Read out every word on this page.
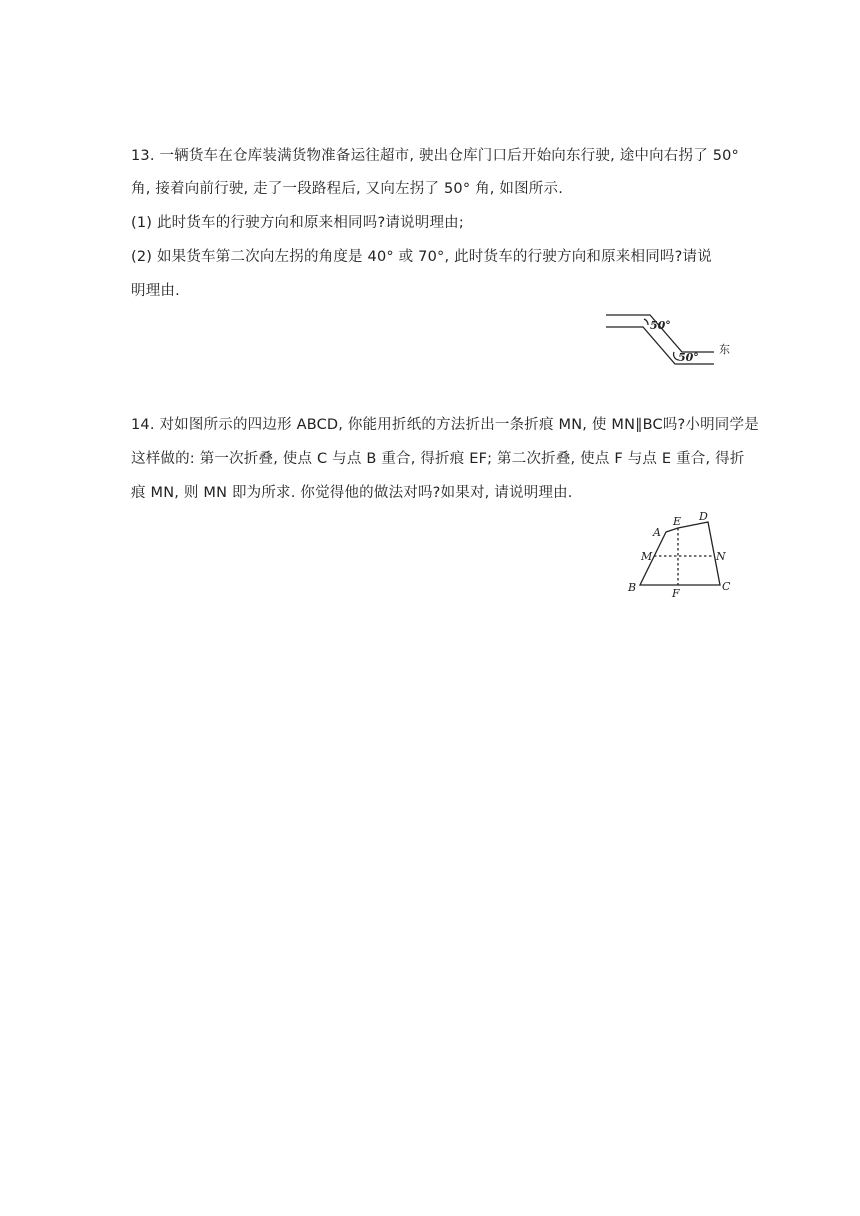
13. 一辆货车在仓库装满货物准备运往超市, 驶出仓库门口后开始向东行驶, 途中向右拐了 50°
角, 接着向前行驶, 走了一段路程后, 又向左拐了 50° 角, 如图所示.
(1) 此时货车的行驶方向和原来相同吗?请说明理由;
(2) 如果货车第二次向左拐的角度是 40° 或 70°, 此时货车的行驶方向和原来相同吗?请说
明理由.
50°
50°
东
14. 对如图所示的四边形 ABCD, 你能用折纸的方法折出一条折痕 MN, 使 MN∥BC吗?小明同学是
这样做的: 第一次折叠, 使点 C 与点 B 重合, 得折痕 EF; 第二次折叠, 使点 F 与点 E 重合, 得折
痕 MN, 则 MN 即为所求. 你觉得他的做法对吗?如果对, 请说明理由.
A
E D
M	N
B	F
C
